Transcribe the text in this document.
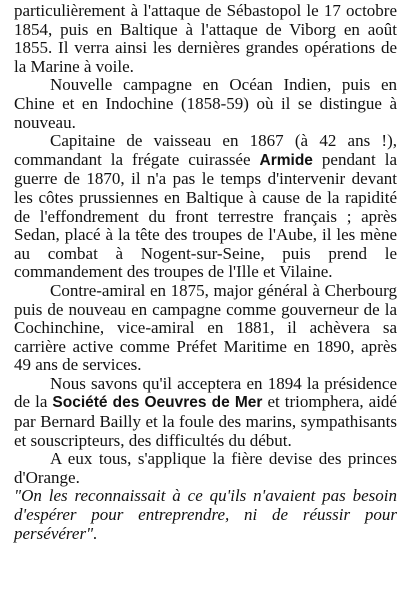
particulièrement à l'attaque de Sébastopol le 17 octobre 1854, puis en Baltique à l'attaque de Viborg en août 1855. Il verra ainsi les dernières grandes opérations de la Marine à voile.

Nouvelle campagne en Océan Indien, puis en Chine et en Indochine (1858-59) où il se distingue à nouveau.

Capitaine de vaisseau en 1867 (à 42 ans !), commandant la frégate cuirassée Armide pendant la guerre de 1870, il n'a pas le temps d'intervenir devant les côtes prussiennes en Baltique à cause de la rapidité de l'effondrement du front terrestre français ; après Sedan, placé à la tête des troupes de l'Aube, il les mène au combat à Nogent-sur-Seine, puis prend le commandement des troupes de l'Ille et Vilaine.

Contre-amiral en 1875, major général à Cherbourg puis de nouveau en campagne comme gouverneur de la Cochinchine, vice-amiral en 1881, il achèvera sa carrière active comme Préfet Maritime en 1890, après 49 ans de services.

Nous savons qu'il acceptera en 1894 la présidence de la Société des Oeuvres de Mer et triomphera, aidé par Bernard Bailly et la foule des marins, sympathisants et souscripteurs, des difficultés du début.

A eux tous, s'applique la fière devise des princes d'Orange.

"On les reconnaissait à ce qu'ils n'avaient pas besoin d'espérer pour entreprendre, ni de réussir pour persévérer".
